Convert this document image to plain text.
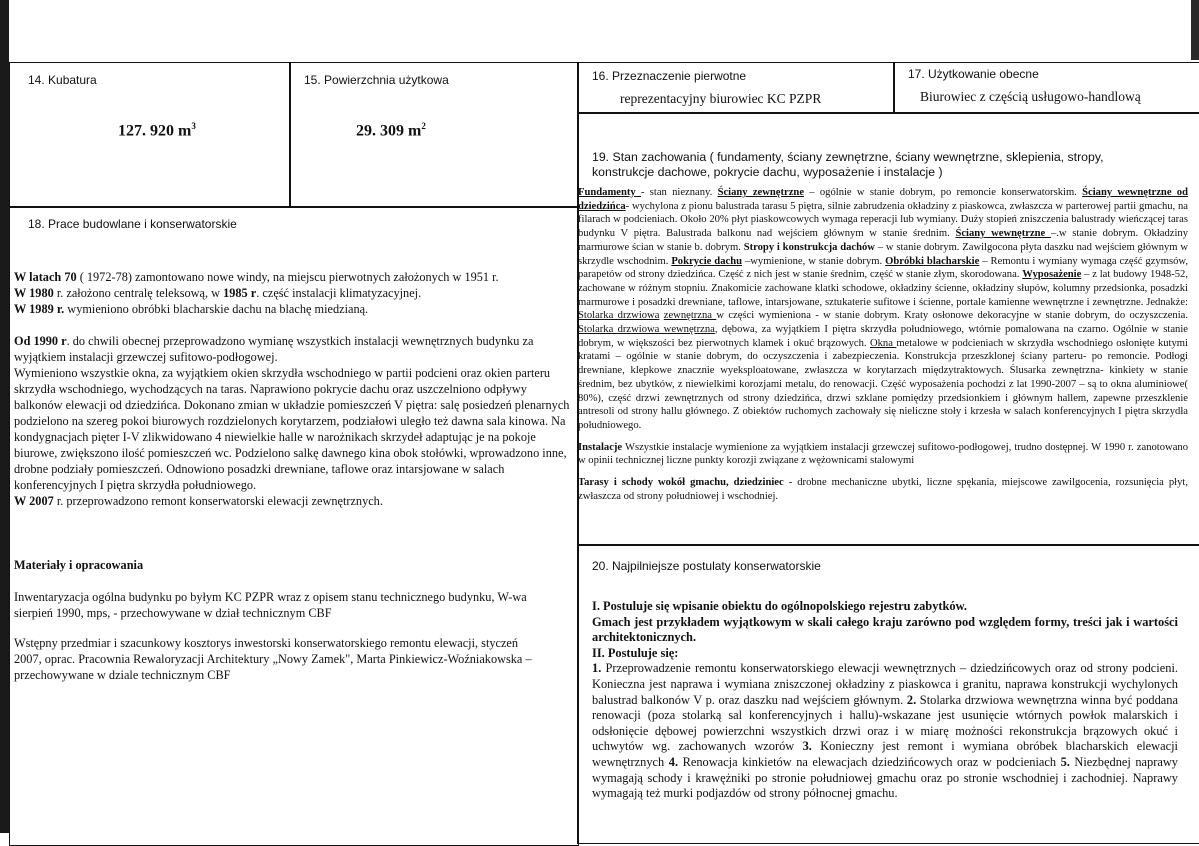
14. Kubatura
127. 920 $m^3$
15. Powierzchnia użytkowa
29. 309 $m^2$
16. Przeznaczenie pierwotne
reprezentacyjny biurowiec KC PZPR
17. Użytkowanie obecne
Biurowiec z częścią usługowo-handlową
18. Prace budowlane i konserwatorskie

W latach 70 ( 1972-78) zamontowano nowe windy, na miejscu pierwotnych założonych w 1951 r.
W 1980 r. założono centralę teleksową, w 1985 r. część instalacji klimatyzacyjnej.
W 1989 r. wymieniono obróbki blacharskie dachu na blachę miedzianą.

Od 1990 r. do chwili obecnej przeprowadzono wymianę wszystkich instalacji wewnętrznych budynku za wyjątkiem instalacji grzewczej sufitowo-podłogowej.
Wymieniono wszystkie okna, za wyjątkiem okien skrzydła wschodniego w partii podcieni oraz okien parteru skrzydła wschodniego, wychodzących na taras. Naprawiono pokrycie dachu oraz uszczelniono odpływy balkonów elewacji od dziedzińca. Dokonano zmian w układzie pomieszczeń V piętra: salę posiedzeń plenarnych podzielono na szereg pokoi biurowych rozdzielonych korytarzem, podziałowi uległo też dawna sala kinowa. Na kondygnacjach pięter I-V zlikwidowano 4 niewielkie halle w narożnikach skrzydeł adaptując je na pokoje biurowe, zwiększono ilość pomieszczeń wc. Podzielono salkę dawnego kina obok stołówki, wprowadzono inne, drobne podziały pomieszczeń. Odnowiono posadzki drewniane, taflowe oraz intarsjowane w salach konferencyjnych I piętra skrzydła południowego.
W 2007 r. przeprowadzono remont konserwatorski elewacji zewnętrznych.

Materiały i opracowania

Inwentaryzacja ogólna budynku po byłym KC PZPR wraz z opisem stanu technicznego budynku, W-wa sierpień 1990, mps, - przechowywane w dział technicznym CBF

Wstępny przedmiar i szacunkowy kosztorys inwestorski konserwatorskiego remontu elewacji, styczeń 2007, oprac. Pracownia Rewaloryzacji Architektury „Nowy Zamek", Marta Pinkiewicz-Woźniakowska – przechowywane w dziale technicznym CBF

19. Stan zachowania ( fundamenty, ściany zewnętrzne, ściany wewnętrzne, sklepienia, stropy, konstrukcje dachowe, pokrycie dachu, wyposażenie i instalacje )

Fundamenty - stan nieznany. Ściany zewnętrzne – ogólnie w stanie dobrym, po remoncie konserwatorskim. Ściany wewnętrzne od dziedzińca- wychylona z pionu balustrada tarasu 5 piętra, silnie zabrudzenia okładziny z piaskowca, zwłaszcza w parterowej partii gmachu, na filarach w podcieniach. Około 20% płyt piaskowcowych wymaga reperacji lub wymiany. Duży stopień zniszczenia balustrady wieńczącej taras budynku V piętra. Balustrada balkonu nad wejściem głównym w stanie średnim. Ściany wewnętrzne –.w stanie dobrym. Okładziny marmurowe ścian w stanie b. dobrym. Stropy i konstrukcja dachów – w stanie dobrym. Zawilgocona płyta daszku nad wejściem głównym w skrzydle wschodnim. Pokrycie dachu –wymienione, w stanie dobrym. Obróbki blacharskie – Remontu i wymiany wymaga część gzymsów, parapetów od strony dziedzińca. Część z nich jest w stanie średnim, część w stanie złym, skorodowana. Wyposażenie – z lat budowy 1948-52, zachowane w różnym stopniu. Znakomicie zachowane klatki schodowe, okładziny ścienne, okładziny słupów, kolumny przedsionka, posadzki marmurowe i posadzki drewniane, taflowe, intarsjowane, sztukaterie sufitowe i ścienne, portale kamienne wewnętrzne i zewnętrzne. Jednakże: Stolarka drzwiowa zewnętrzna w części wymieniona - w stanie dobrym. Kraty osłonowe dekoracyjne w stanie dobrym, do oczyszczenia. Stolarka drzwiowa wewnętrzna, dębowa, za wyjątkiem I piętra skrzydła południowego, wtórnie pomalowana na czarno. Ogólnie w stanie dobrym, w większości bez pierwotnych klamek i okuć brązowych. Okna metalowe w podcieniach w skrzydła wschodniego osłonięte kutymi kratami – ogólnie w stanie dobrym, do oczyszczenia i zabezpieczenia. Konstrukcja przeszklonej ściany parteru- po remoncie. Podłogi drewniane, klepkowe znacznie wyeksploatowane, zwłaszcza w korytarzach międzytraktowych. Ślusarka zewnętrzna- kinkiety w stanie średnim, bez ubytków, z niewielkimi korozjami metalu, do renowacji. Część wyposażenia pochodzi z lat 1990-2007 – są to okna aluminiowe( 80%), część drzwi zewnętrznych od strony dziedzińca, drzwi szklane pomiędzy przedsionkiem i głównym hallem, zapewne przeszklenie antresoli od strony hallu głównego. Z obiektów ruchomych zachowały się nieliczne stoły i krzesła w salach konferencyjnych I piętra skrzydła południowego.

Instalacje Wszystkie instalacje wymienione za wyjątkiem instalacji grzewczej sufitowo-podłogowej, trudno dostępnej. W 1990 r. zanotowano w opinii technicznej liczne punkty korozji związane z wężownicami stalowymi

Tarasy i schody wokół gmachu, dziedziniec - drobne mechaniczne ubytki, liczne spękania, miejscowe zawilgocenia, rozsunięcia płyt, zwłaszcza od strony południowej i wschodniej.

20. Najpilniejsze postulaty konserwatorskie

I. Postuluje się wpisanie obiektu do ogólnopolskiego rejestru zabytków.
Gmach jest przykładem wyjątkowym w skali całego kraju zarówno pod względem formy, treści jak i wartości architektonicznych.
II. Postuluje się:
1. Przeprowadzenie remontu konserwatorskiego elewacji wewnętrznych – dziedzińcowych oraz od strony podcieni. Konieczna jest naprawa i wymiana zniszczonej okładziny z piaskowca i granitu, naprawa konstrukcji wychylonych balustrad balkonów V p. oraz daszku nad wejściem głównym. 2. Stolarka drzwiowa wewnętrzna winna być poddana renowacji (poza stolarką sal konferencyjnych i hallu)-wskazane jest usunięcie wtórnych powłok malarskich i odsłonięcie dębowej powierzchni wszystkich drzwi oraz i w miarę możności rekonstrukcja brązowych okuć i uchwytów wg. zachowanych wzorów 3. Konieczny jest remont i wymiana obróbek blacharskich elewacji wewnętrznych 4. Renowacja kinkietów na elewacjach dziedzińcowych oraz w podcieniach 5. Niezbędnej naprawy wymagają schody i krawężniki po stronie południowej gmachu oraz po stronie wschodniej i zachodniej. Naprawy wymagają też murki podjazdów od strony północnej gmachu.
